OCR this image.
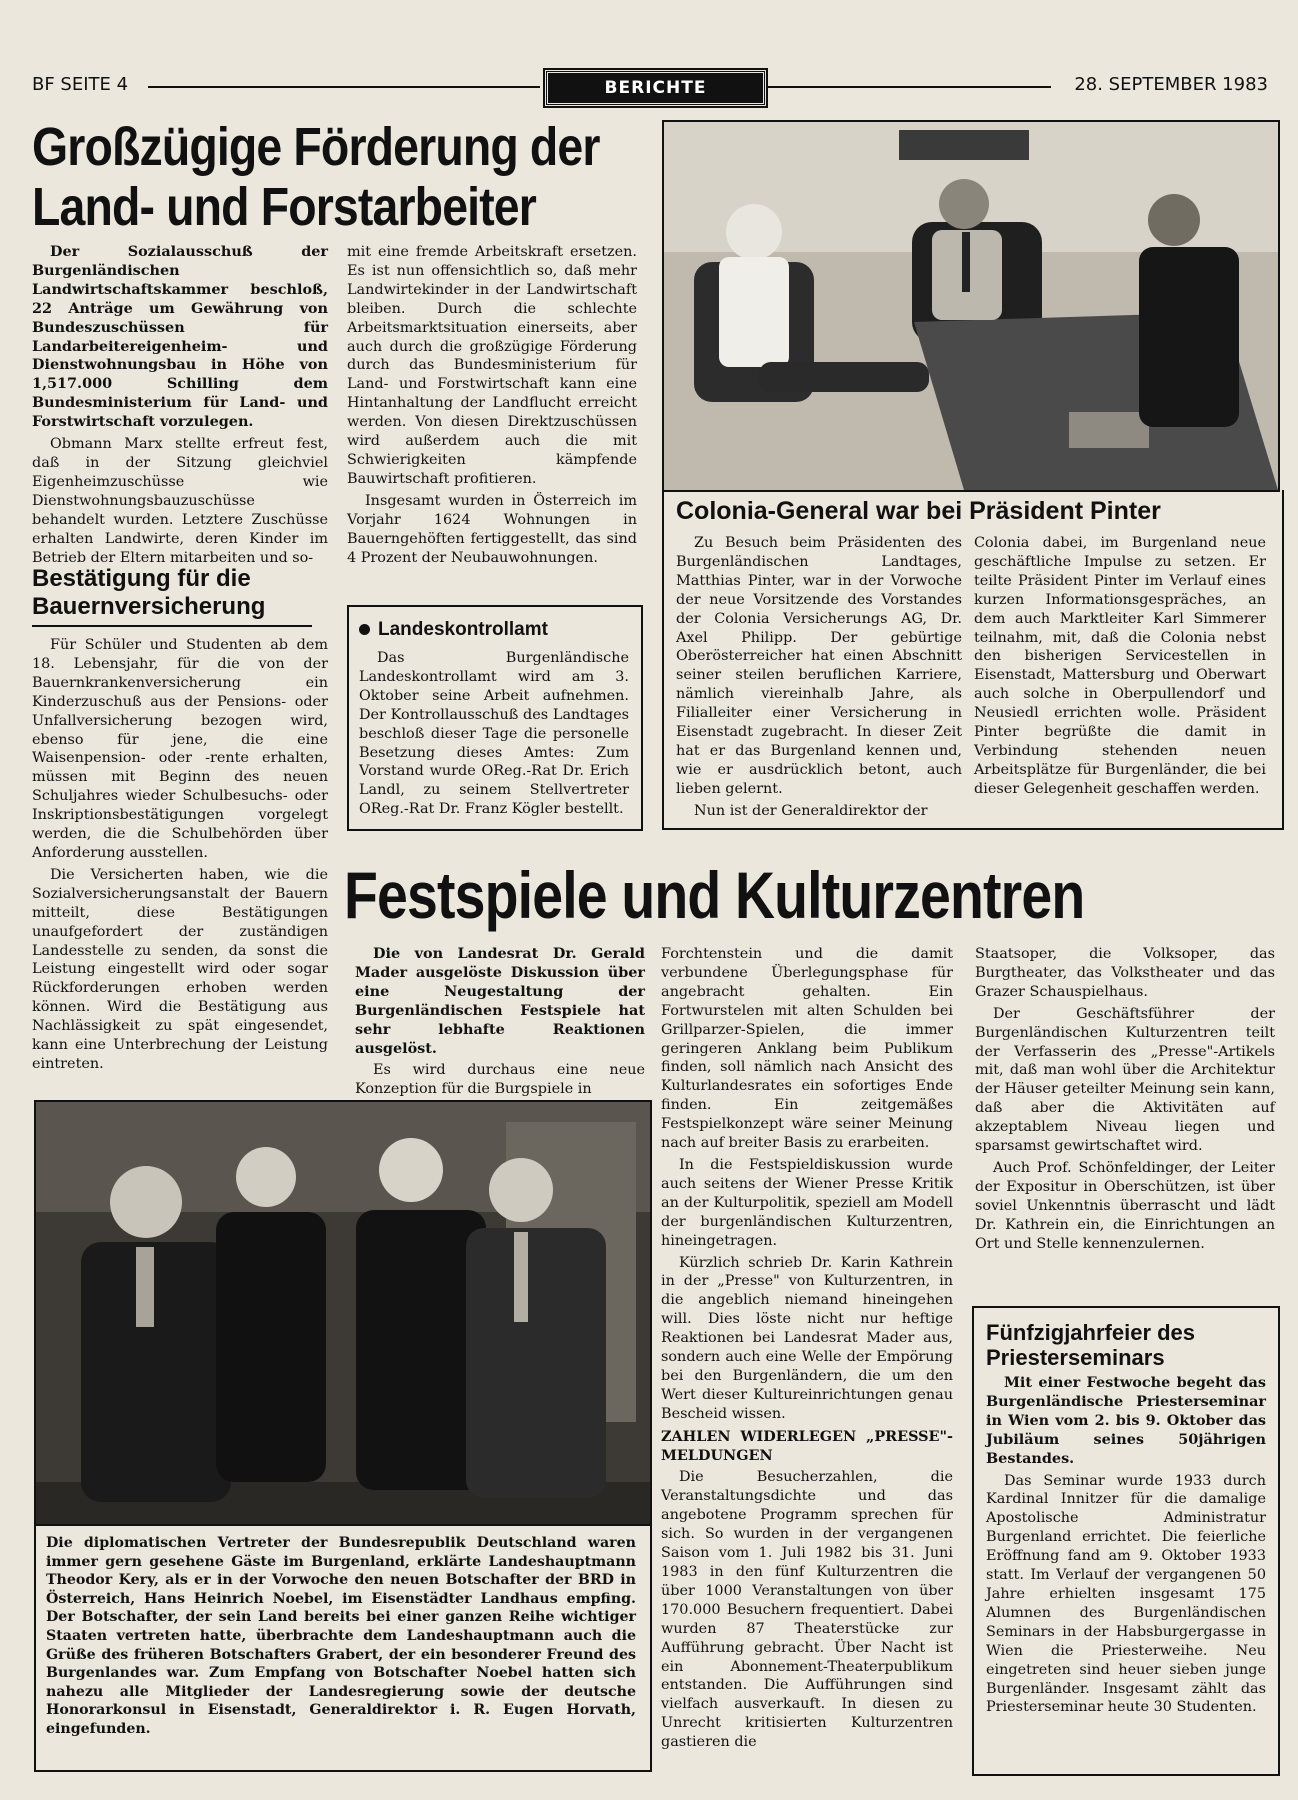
BF SEITE 4	BERICHTE	28. SEPTEMBER 1983
Großzügige Förderung der
Land- und Forstarbeiter

Der Sozialausschuß der Burgenländischen Landwirtschaftskammer beschloß, 22 Anträge um Gewährung von Bundeszuschüssen für Landarbeitereigenheim- und Dienstwohnungsbau in Höhe von 1,517.000 Schilling dem Bundesministerium für Land- und Forstwirtschaft vorzulegen.

Obmann Marx stellte erfreut fest, daß in der Sitzung gleichviel Eigenheimzuschüsse wie Dienstwohnungsbauzuschüsse behandelt wurden. Letztere Zuschüsse erhalten Landwirte, deren Kinder im Betrieb der Eltern mitarbeiten und so-

mit eine fremde Arbeitskraft ersetzen. Es ist nun offensichtlich so, daß mehr Landwirtekinder in der Landwirtschaft bleiben. Durch die schlechte Arbeitsmarktsituation einerseits, aber auch durch die großzügige Förderung durch das Bundesministerium für Land- und Forstwirtschaft kann eine Hintanhaltung der Landflucht erreicht werden. Von diesen Direktzuschüssen wird außerdem auch die mit Schwierigkeiten kämpfende Bauwirtschaft profitieren.

Insgesamt wurden in Österreich im Vorjahr 1624 Wohnungen in Bauerngehöften fertiggestellt, das sind 4 Prozent der Neubauwohnungen.

Bestätigung für die Bauernversicherung

Für Schüler und Studenten ab dem 18. Lebensjahr, für die von der Bauernkrankenversicherung ein Kinderzuschuß aus der Pensions- oder Unfallversicherung bezogen wird, ebenso für jene, die eine Waisenpension- oder -rente erhalten, müssen mit Beginn des neuen Schuljahres wieder Schulbesuchs- oder Inskriptionsbestätigungen vorgelegt werden, die die Schulbehörden über Anforderung ausstellen.

Die Versicherten haben, wie die Sozialversicherungsanstalt der Bauern mitteilt, diese Bestätigungen unaufgefordert der zuständigen Landesstelle zu senden, da sonst die Leistung eingestellt wird oder sogar Rückforderungen erhoben werden können. Wird die Bestätigung aus Nachlässigkeit zu spät eingesendet, kann eine Unterbrechung der Leistung eintreten.

Landeskontrollamt

Das Burgenländische Landeskontrollamt wird am 3. Oktober seine Arbeit aufnehmen. Der Kontrollausschuß des Landtages beschloß dieser Tage die personelle Besetzung dieses Amtes: Zum Vorstand wurde OReg.-Rat Dr. Erich Landl, zu seinem Stellvertreter OReg.-Rat Dr. Franz Kögler bestellt.

Colonia-General war bei Präsident Pinter

Zu Besuch beim Präsidenten des Burgenländischen Landtages, Matthias Pinter, war in der Vorwoche der neue Vorsitzende des Vorstandes der Colonia Versicherungs AG, Dr. Axel Philipp. Der gebürtige Oberösterreicher hat einen Abschnitt seiner steilen beruflichen Karriere, nämlich viereinhalb Jahre, als Filialleiter einer Versicherung in Eisenstadt zugebracht. In dieser Zeit hat er das Burgenland kennen und, wie er ausdrücklich betont, auch lieben gelernt.

Nun ist der Generaldirektor der

Colonia dabei, im Burgenland neue geschäftliche Impulse zu setzen. Er teilte Präsident Pinter im Verlauf eines kurzen Informationsgespräches, an dem auch Marktleiter Karl Simmerer teilnahm, mit, daß die Colonia nebst den bisherigen Servicestellen in Eisenstadt, Mattersburg und Oberwart auch solche in Oberpullendorf und Neusiedl errichten wolle. Präsident Pinter begrüßte die damit in Verbindung stehenden neuen Arbeitsplätze für Burgenländer, die bei dieser Gelegenheit geschaffen werden.

Festspiele und Kulturzentren

Die von Landesrat Dr. Gerald Mader ausgelöste Diskussion über eine Neugestaltung der Burgenländischen Festspiele hat sehr lebhafte Reaktionen ausgelöst.

Es wird durchaus eine neue Konzeption für die Burgspiele in

Forchtenstein und die damit verbundene Überlegungsphase für angebracht gehalten. Ein Fortwurstelen mit alten Schulden bei Grillparzer-Spielen, die immer geringeren Anklang beim Publikum finden, soll nämlich nach Ansicht des Kulturlandesrates ein sofortiges Ende finden. Ein zeitgemäßes Festspielkonzept wäre seiner Meinung nach auf breiter Basis zu erarbeiten.

In die Festspieldiskussion wurde auch seitens der Wiener Presse Kritik an der Kulturpolitik, speziell am Modell der burgenländischen Kulturzentren, hineingetragen.

Kürzlich schrieb Dr. Karin Kathrein in der „Presse" von Kulturzentren, in die angeblich niemand hineingehen will. Dies löste nicht nur heftige Reaktionen bei Landesrat Mader aus, sondern auch eine Welle der Empörung bei den Burgenländern, die um den Wert dieser Kultureinrichtungen genau Bescheid wissen.

ZAHLEN WIDERLEGEN „PRESSE"-MELDUNGEN

Die Besucherzahlen, die Veranstaltungsdichte und das angebotene Programm sprechen für sich. So wurden in der vergangenen Saison vom 1. Juli 1982 bis 31. Juni 1983 in den fünf Kulturzentren die über 1000 Veranstaltungen von über 170.000 Besuchern frequentiert. Dabei wurden 87 Theaterstücke zur Aufführung gebracht. Über Nacht ist ein Abonnement-Theaterpublikum entstanden. Die Aufführungen sind vielfach ausverkauft. In diesen zu Unrecht kritisierten Kulturzentren gastieren die

Staatsoper, die Volksoper, das Burgtheater, das Volkstheater und das Grazer Schauspielhaus.

Der Geschäftsführer der Burgenländischen Kulturzentren teilt der Verfasserin des „Presse"-Artikels mit, daß man wohl über die Architektur der Häuser geteilter Meinung sein kann, daß aber die Aktivitäten auf akzeptablem Niveau liegen und sparsamst gewirtschaftet wird.

Auch Prof. Schönfeldinger, der Leiter der Expositur in Oberschützen, ist über soviel Unkenntnis überrascht und lädt Dr. Kathrein ein, die Einrichtungen an Ort und Stelle kennenzulernen.

Die diplomatischen Vertreter der Bundesrepublik Deutschland waren immer gern gesehene Gäste im Burgenland, erklärte Landeshauptmann Theodor Kery, als er in der Vorwoche den neuen Botschafter der BRD in Österreich, Hans Heinrich Noebel, im Eisenstädter Landhaus empfing. Der Botschafter, der sein Land bereits bei einer ganzen Reihe wichtiger Staaten vertreten hatte, überbrachte dem Landeshauptmann auch die Grüße des früheren Botschafters Grabert, der ein besonderer Freund des Burgenlandes war. Zum Empfang von Botschafter Noebel hatten sich nahezu alle Mitglieder der Landesregierung sowie der deutsche Honorarkonsul in Eisenstadt, Generaldirektor i. R. Eugen Horvath, eingefunden.
Fünfzigjahrfeier des Priesterseminars

Mit einer Festwoche begeht das Burgenländische Priesterseminar in Wien vom 2. bis 9. Oktober das Jubiläum seines 50jährigen Bestandes.

Das Seminar wurde 1933 durch Kardinal Innitzer für die damalige Apostolische Administratur Burgenland errichtet. Die feierliche Eröffnung fand am 9. Oktober 1933 statt. Im Verlauf der vergangenen 50 Jahre erhielten insgesamt 175 Alumnen des Burgenländischen Seminars in der Habsburgergasse in Wien die Priesterweihe. Neu eingetreten sind heuer sieben junge Burgenländer. Insgesamt zählt das Priesterseminar heute 30 Studenten.
